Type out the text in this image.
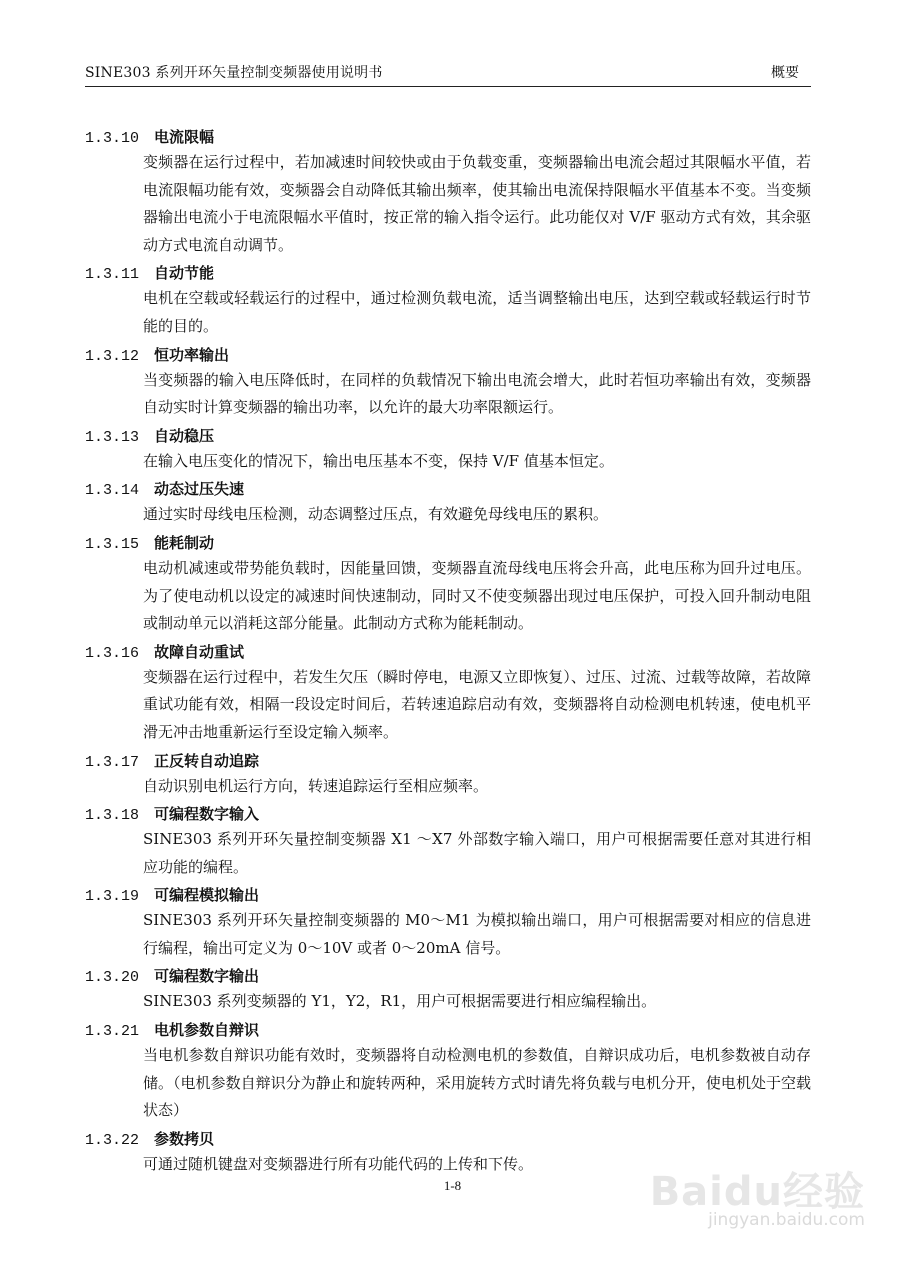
SINE303 系列开环矢量控制变频器使用说明书	概要
1.3.10 电流限幅
变频器在运行过程中，若加减速时间较快或由于负载变重，变频器输出电流会超过其限幅水平值，若电流限幅功能有效，变频器会自动降低其输出频率，使其输出电流保持限幅水平值基本不变。当变频器输出电流小于电流限幅水平值时，按正常的输入指令运行。此功能仅对 V/F 驱动方式有效，其余驱动方式电流自动调节。
1.3.11 自动节能
电机在空载或轻载运行的过程中，通过检测负载电流，适当调整输出电压，达到空载或轻载运行时节能的目的。
1.3.12 恒功率输出
当变频器的输入电压降低时，在同样的负载情况下输出电流会增大，此时若恒功率输出有效，变频器自动实时计算变频器的输出功率，以允许的最大功率限额运行。
1.3.13 自动稳压
在输入电压变化的情况下，输出电压基本不变，保持 V/F 值基本恒定。
1.3.14 动态过压失速
通过实时母线电压检测，动态调整过压点，有效避免母线电压的累积。
1.3.15 能耗制动
电动机减速或带势能负载时，因能量回馈，变频器直流母线电压将会升高，此电压称为回升过电压。为了使电动机以设定的减速时间快速制动，同时又不使变频器出现过电压保护，可投入回升制动电阻或制动单元以消耗这部分能量。此制动方式称为能耗制动。
1.3.16 故障自动重试
变频器在运行过程中，若发生欠压（瞬时停电，电源又立即恢复）、过压、过流、过载等故障，若故障重试功能有效，相隔一段设定时间后，若转速追踪启动有效，变频器将自动检测电机转速，使电机平滑无冲击地重新运行至设定输入频率。
1.3.17 正反转自动追踪
自动识别电机运行方向，转速追踪运行至相应频率。
1.3.18 可编程数字输入
SINE303 系列开环矢量控制变频器 X1 ～X7 外部数字输入端口，用户可根据需要任意对其进行相应功能的编程。
1.3.19 可编程模拟输出
SINE303 系列开环矢量控制变频器的 M0～M1 为模拟输出端口，用户可根据需要对相应的信息进行编程，输出可定义为 0～10V 或者 0～20mA 信号。
1.3.20 可编程数字输出
SINE303 系列变频器的 Y1，Y2，R1，用户可根据需要进行相应编程输出。
1.3.21 电机参数自辩识
当电机参数自辩识功能有效时，变频器将自动检测电机的参数值，自辩识成功后，电机参数被自动存储。（电机参数自辩识分为静止和旋转两种，采用旋转方式时请先将负载与电机分开，使电机处于空载状态）
1.3.22 参数拷贝
可通过随机键盘对变频器进行所有功能代码的上传和下传。
1-8	Baidu经验
jingyan.baidu.com
